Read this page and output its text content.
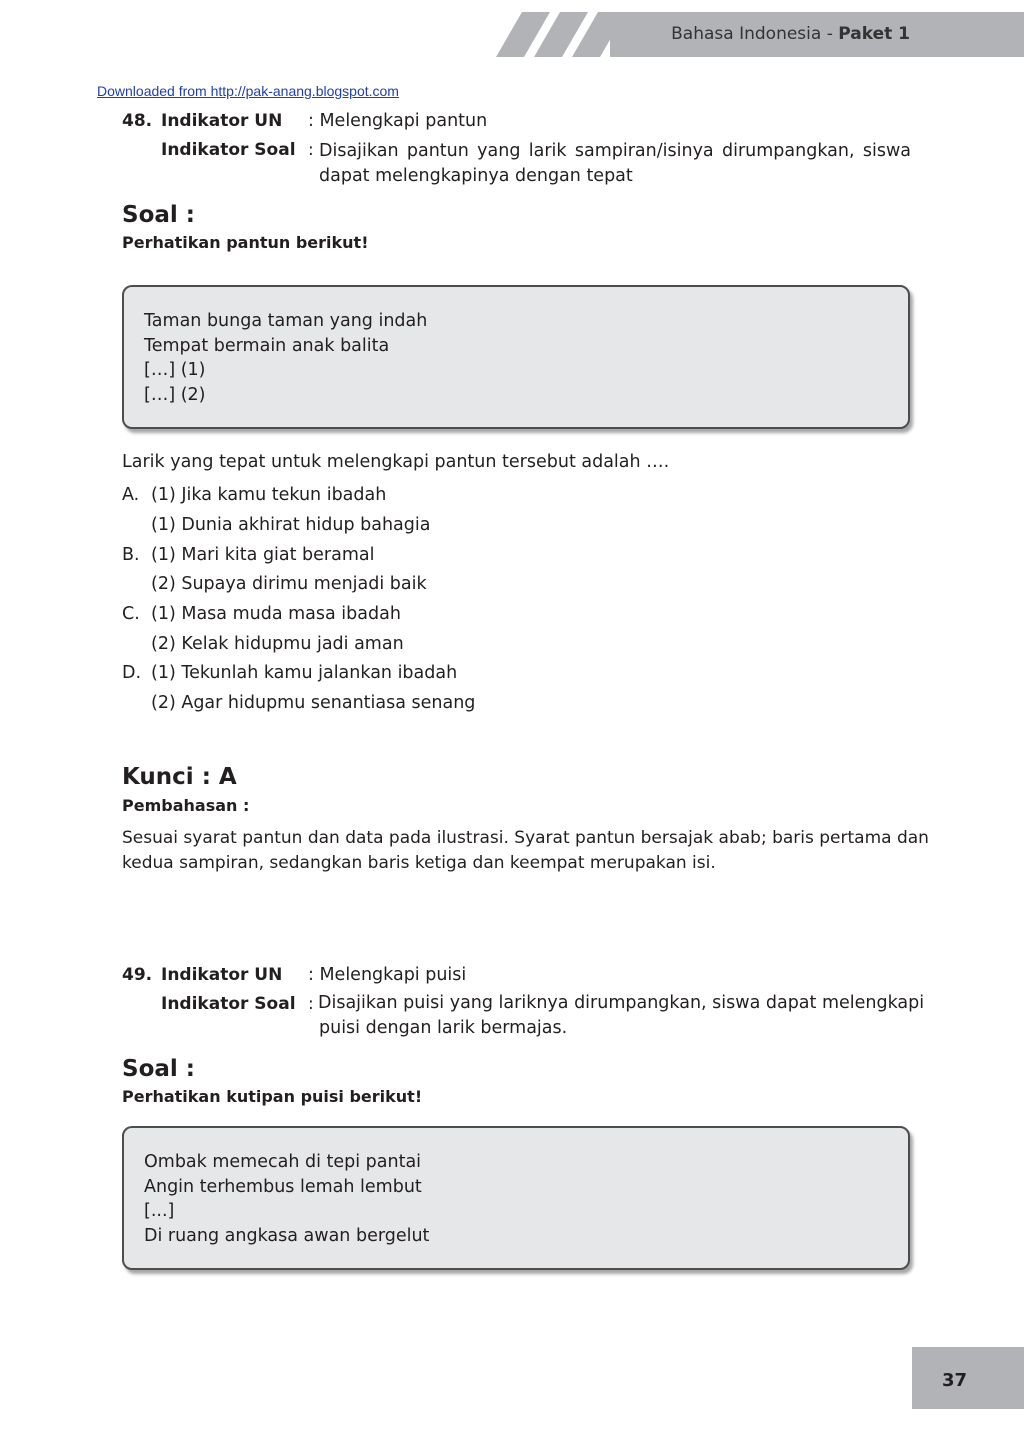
Bahasa Indonesia - Paket 1
Downloaded from http://pak-anang.blogspot.com
48. Indikator UN : Melengkapi pantun
Indikator Soal : Disajikan pantun yang larik sampiran/isinya dirumpangkan, siswa dapat melengkapinya dengan tepat
Soal :
Perhatikan pantun berikut!
Taman bunga taman yang indah
Tempat bermain anak balita
[…] (1)
[…] (2)
Larik yang tepat untuk melengkapi pantun tersebut adalah ….
A. (1) Jika kamu tekun ibadah
(1) Dunia akhirat hidup bahagia
B. (1) Mari kita giat beramal
(2) Supaya dirimu menjadi baik
C. (1) Masa muda masa ibadah
(2) Kelak hidupmu jadi aman
D. (1) Tekunlah kamu jalankan ibadah
(2) Agar hidupmu senantiasa senang
Kunci : A
Pembahasan :
Sesuai syarat pantun dan data pada ilustrasi. Syarat pantun bersajak abab; baris pertama dan
kedua sampiran, sedangkan baris ketiga dan keempat merupakan isi.
49. Indikator UN : Melengkapi puisi
Indikator Soal : Disajikan puisi yang lariknya dirumpangkan, siswa dapat melengkapi
puisi dengan larik bermajas.
Soal :
Perhatikan kutipan puisi berikut!
Ombak memecah di tepi pantai
Angin terhembus lemah lembut
[...]
Di ruang angkasa awan bergelut
37
